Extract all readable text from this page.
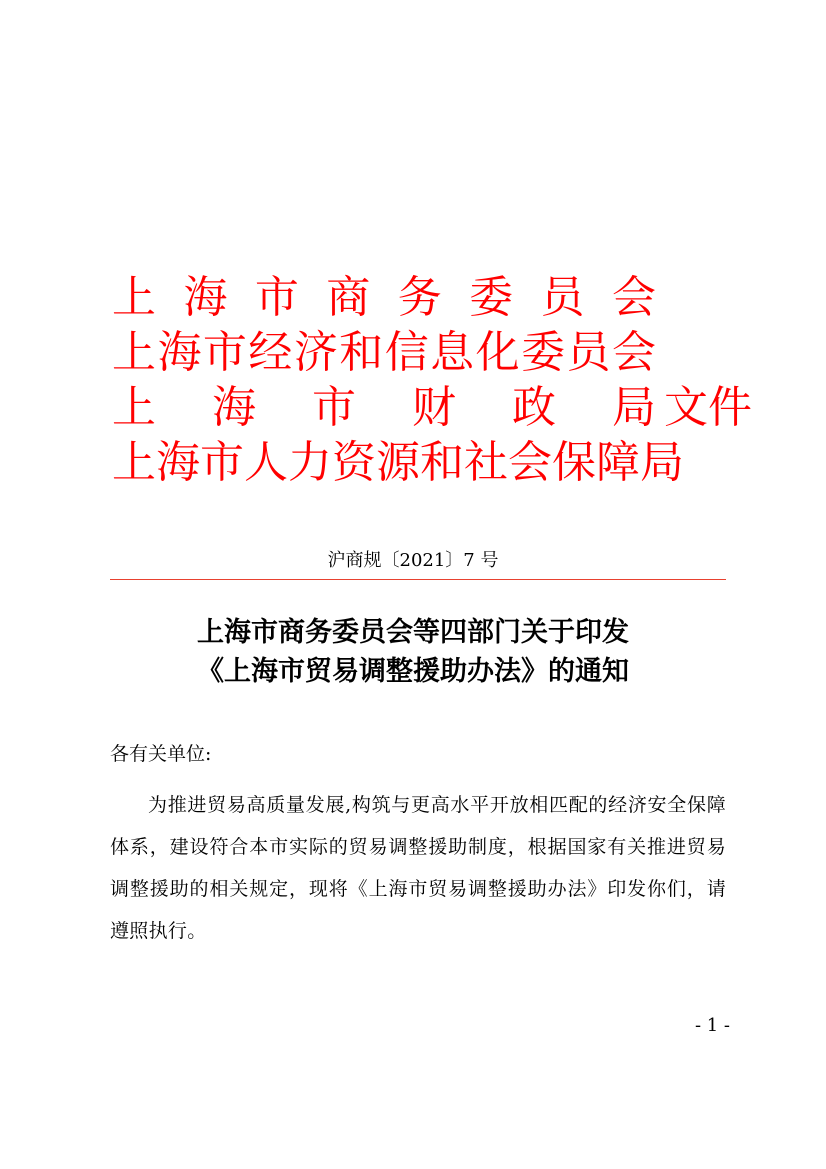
上 海 市 商 务 委 员 会
上 海 市 经 济 和 信 息 化 委 员 会
上 海 市 财 政 局 文件
上 海 市 人 力 资 源 和 社 会 保 障 局
沪商规〔2021〕7 号
上海市商务委员会等四部门关于印发
《上海市贸易调整援助办法》的通知
各有关单位:
为推进贸易高质量发展,构筑与更高水平开放相匹配的经济安全保障体系，建设符合本市实际的贸易调整援助制度，根据国家有关推进贸易调整援助的相关规定，现将《上海市贸易调整援助办法》印发你们，请遵照执行。
- 1 -
